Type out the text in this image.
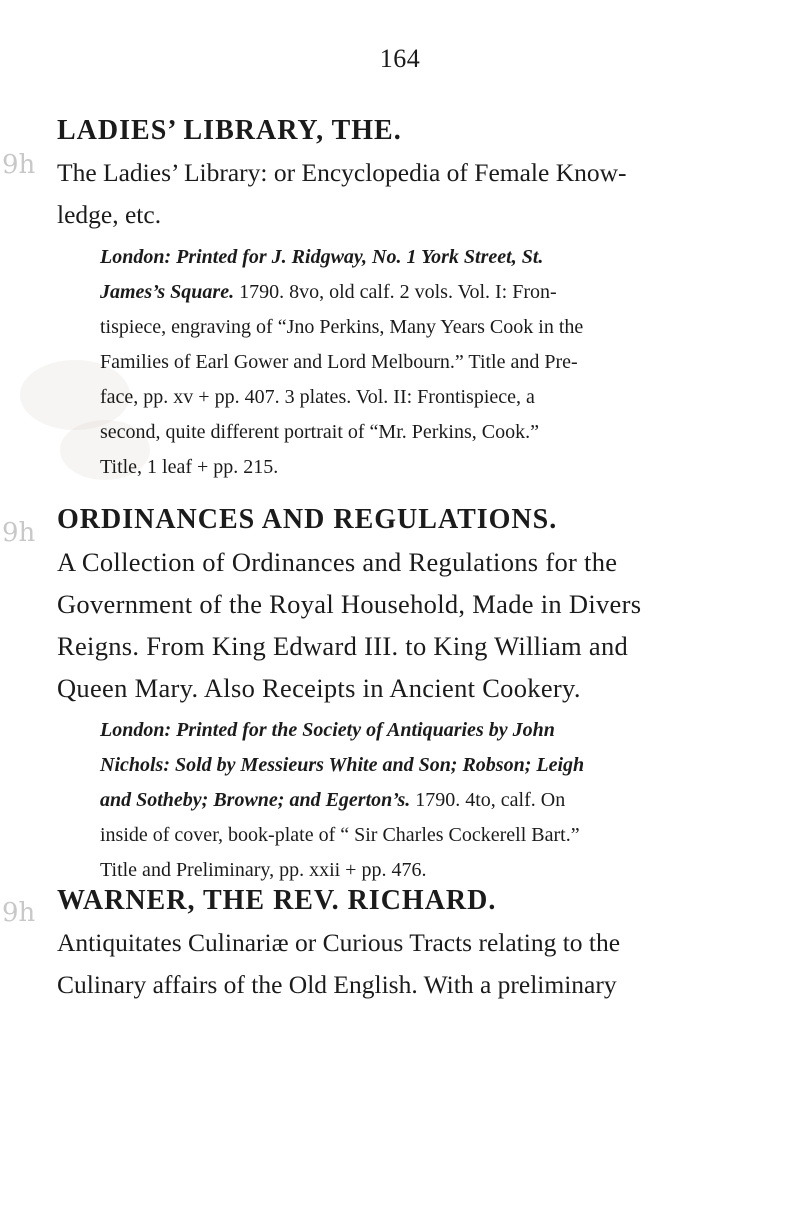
9h
9h
9h
164
LADIES’ LIBRARY, THE.
The Ladies’ Library: or Encyclopedia of Female Know-
ledge, etc.
London: Printed for J. Ridgway, No. 1 York Street, St.
James’s Square. 1790. 8vo, old calf. 2 vols. Vol. I: Fron-
tispiece, engraving of “Jno Perkins, Many Years Cook in the
Families of Earl Gower and Lord Melbourn.” Title and Pre-
face, pp. xv + pp. 407. 3 plates. Vol. II: Frontispiece, a
second, quite different portrait of “Mr. Perkins, Cook.”
Title, 1 leaf + pp. 215.
ORDINANCES AND REGULATIONS.
A Collection of Ordinances and Regulations for the
Government of the Royal Household, Made in Divers
Reigns. From King Edward III. to King William and
Queen Mary. Also Receipts in Ancient Cookery.
London: Printed for the Society of Antiquaries by John
Nichols: Sold by Messieurs White and Son; Robson; Leigh
and Sotheby; Browne; and Egerton’s. 1790. 4to, calf. On
inside of cover, book-plate of “ Sir Charles Cockerell Bart.”
Title and Preliminary, pp. xxii + pp. 476.
WARNER, THE REV. RICHARD.
Antiquitates Culinariæ or Curious Tracts relating to the
Culinary affairs of the Old English. With a preliminary
